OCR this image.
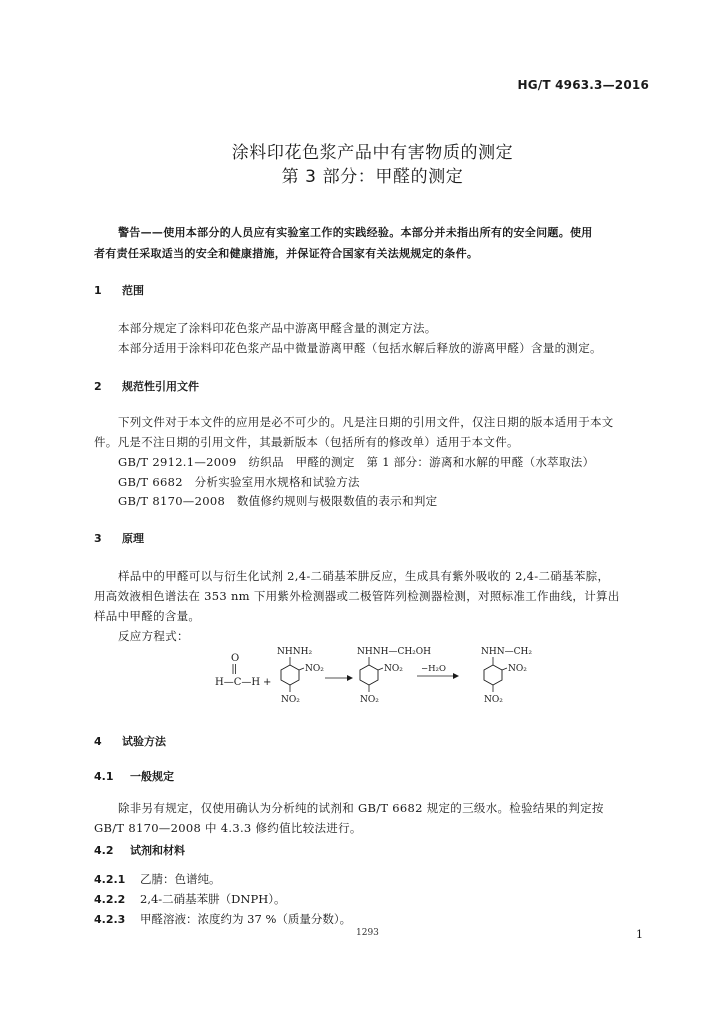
HG/T 4963.3—2016
涂料印花色浆产品中有害物质的测定
第 3 部分：甲醛的测定
警告——使用本部分的人员应有实验室工作的实践经验。本部分并未指出所有的安全问题。使用
者有责任采取适当的安全和健康措施，并保证符合国家有关法规规定的条件。
1 范围
本部分规定了涂料印花色浆产品中游离甲醛含量的测定方法。
本部分适用于涂料印花色浆产品中微量游离甲醛（包括水解后释放的游离甲醛）含量的测定。
2 规范性引用文件
下列文件对于本文件的应用是必不可少的。凡是注日期的引用文件，仅注日期的版本适用于本文
件。凡是不注日期的引用文件，其最新版本（包括所有的修改单）适用于本文件。
GB/T 2912.1—2009　纺织品　甲醛的测定　第 1 部分：游离和水解的甲醛（水萃取法）
GB/T 6682　分析实验室用水规格和试验方法
GB/T 8170—2008　数值修约规则与极限数值的表示和判定
3 原理
样品中的甲醛可以与衍生化试剂 2,4-二硝基苯肼反应，生成具有紫外吸收的 2,4-二硝基苯腙，
用高效液相色谱法在 353 nm 下用紫外检测器或二极管阵列检测器检测，对照标准工作曲线，计算出
样品中甲醛的含量。
反应方程式：
O
H—C—H +
NHNH₂
NO₂
NO₂
NHNH—CH₂OH
NO₂
NO₂
−H₂O
NHN—CH₂
NO₂
NO₂
4 试验方法
4.1 一般规定
除非另有规定，仅使用确认为分析纯的试剂和 GB/T 6682 规定的三级水。检验结果的判定按
GB/T 8170—2008 中 4.3.3 修约值比较法进行。
4.2 试剂和材料
4.2.1 乙腈：色谱纯。
4.2.2 2,4-二硝基苯肼（DNPH）。
4.2.3 甲醛溶液：浓度约为 37 %（质量分数）。
1293	1
